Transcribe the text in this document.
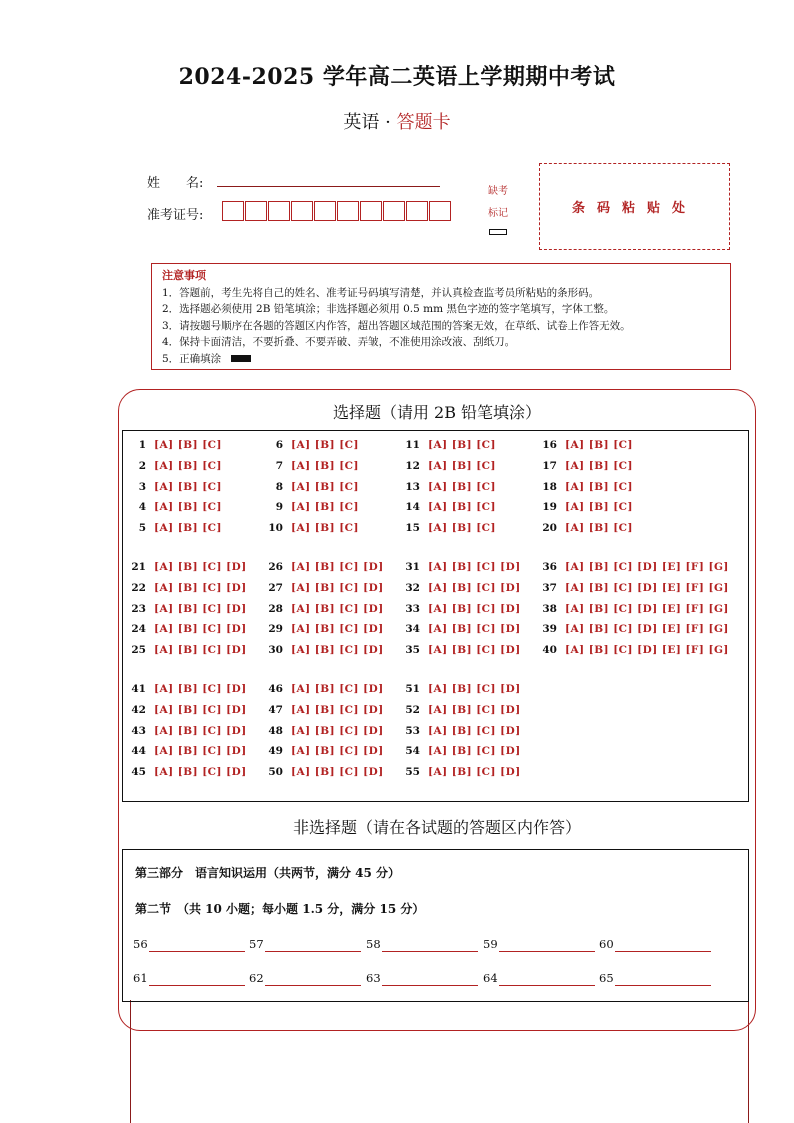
2024-2025 学年高二英语上学期期中考试
英语 · 答题卡
姓　　名:
准考证号:
缺考
标记	条码粘贴处
注意事项
1．答题前，考生先将自己的姓名、准考证号码填写清楚，并认真检查监考员所粘贴的条形码。
2．选择题必须使用 2B 铅笔填涂；非选择题必须用 0.5 mm 黑色字迹的签字笔填写，字体工整。
3．请按题号顺序在各题的答题区内作答，超出答题区域范围的答案无效，在草纸、试卷上作答无效。
4．保持卡面清洁，不要折叠、不要弄破、弄皱，不准使用涂改液、刮纸刀。
5．正确填涂
选择题（请用 2B 铅笔填涂）
1 [A] [B] [C]
2 [A] [B] [C]
3 [A] [B] [C]
4 [A] [B] [C]
5 [A] [B] [C]
6 [A] [B] [C]
7 [A] [B] [C]
8 [A] [B] [C]
9 [A] [B] [C]
10 [A] [B] [C]
11 [A] [B] [C]
12 [A] [B] [C]
13 [A] [B] [C]
14 [A] [B] [C]
15 [A] [B] [C]
16 [A] [B] [C]
17 [A] [B] [C]
18 [A] [B] [C]
19 [A] [B] [C]
20 [A] [B] [C]
21 [A] [B] [C] [D]
22 [A] [B] [C] [D]
23 [A] [B] [C] [D]
24 [A] [B] [C] [D]
25 [A] [B] [C] [D]
26 [A] [B] [C] [D]
27 [A] [B] [C] [D]
28 [A] [B] [C] [D]
29 [A] [B] [C] [D]
30 [A] [B] [C] [D]
31 [A] [B] [C] [D]
32 [A] [B] [C] [D]
33 [A] [B] [C] [D]
34 [A] [B] [C] [D]
35 [A] [B] [C] [D]
36 [A] [B] [C] [D] [E] [F] [G]
37 [A] [B] [C] [D] [E] [F] [G]
38 [A] [B] [C] [D] [E] [F] [G]
39 [A] [B] [C] [D] [E] [F] [G]
40 [A] [B] [C] [D] [E] [F] [G]
41 [A] [B] [C] [D]
42 [A] [B] [C] [D]
43 [A] [B] [C] [D]
44 [A] [B] [C] [D]
45 [A] [B] [C] [D]
46 [A] [B] [C] [D]
47 [A] [B] [C] [D]
48 [A] [B] [C] [D]
49 [A] [B] [C] [D]
50 [A] [B] [C] [D]
51 [A] [B] [C] [D]
52 [A] [B] [C] [D]
53 [A] [B] [C] [D]
54 [A] [B] [C] [D]
55 [A] [B] [C] [D]
非选择题（请在各试题的答题区内作答）
第三部分　语言知识运用（共两节，满分 45 分）
第二节　（共 10 小题；每小题 1.5 分，满分 15 分）
56	57	58	59	60
61	62	63	64	65
